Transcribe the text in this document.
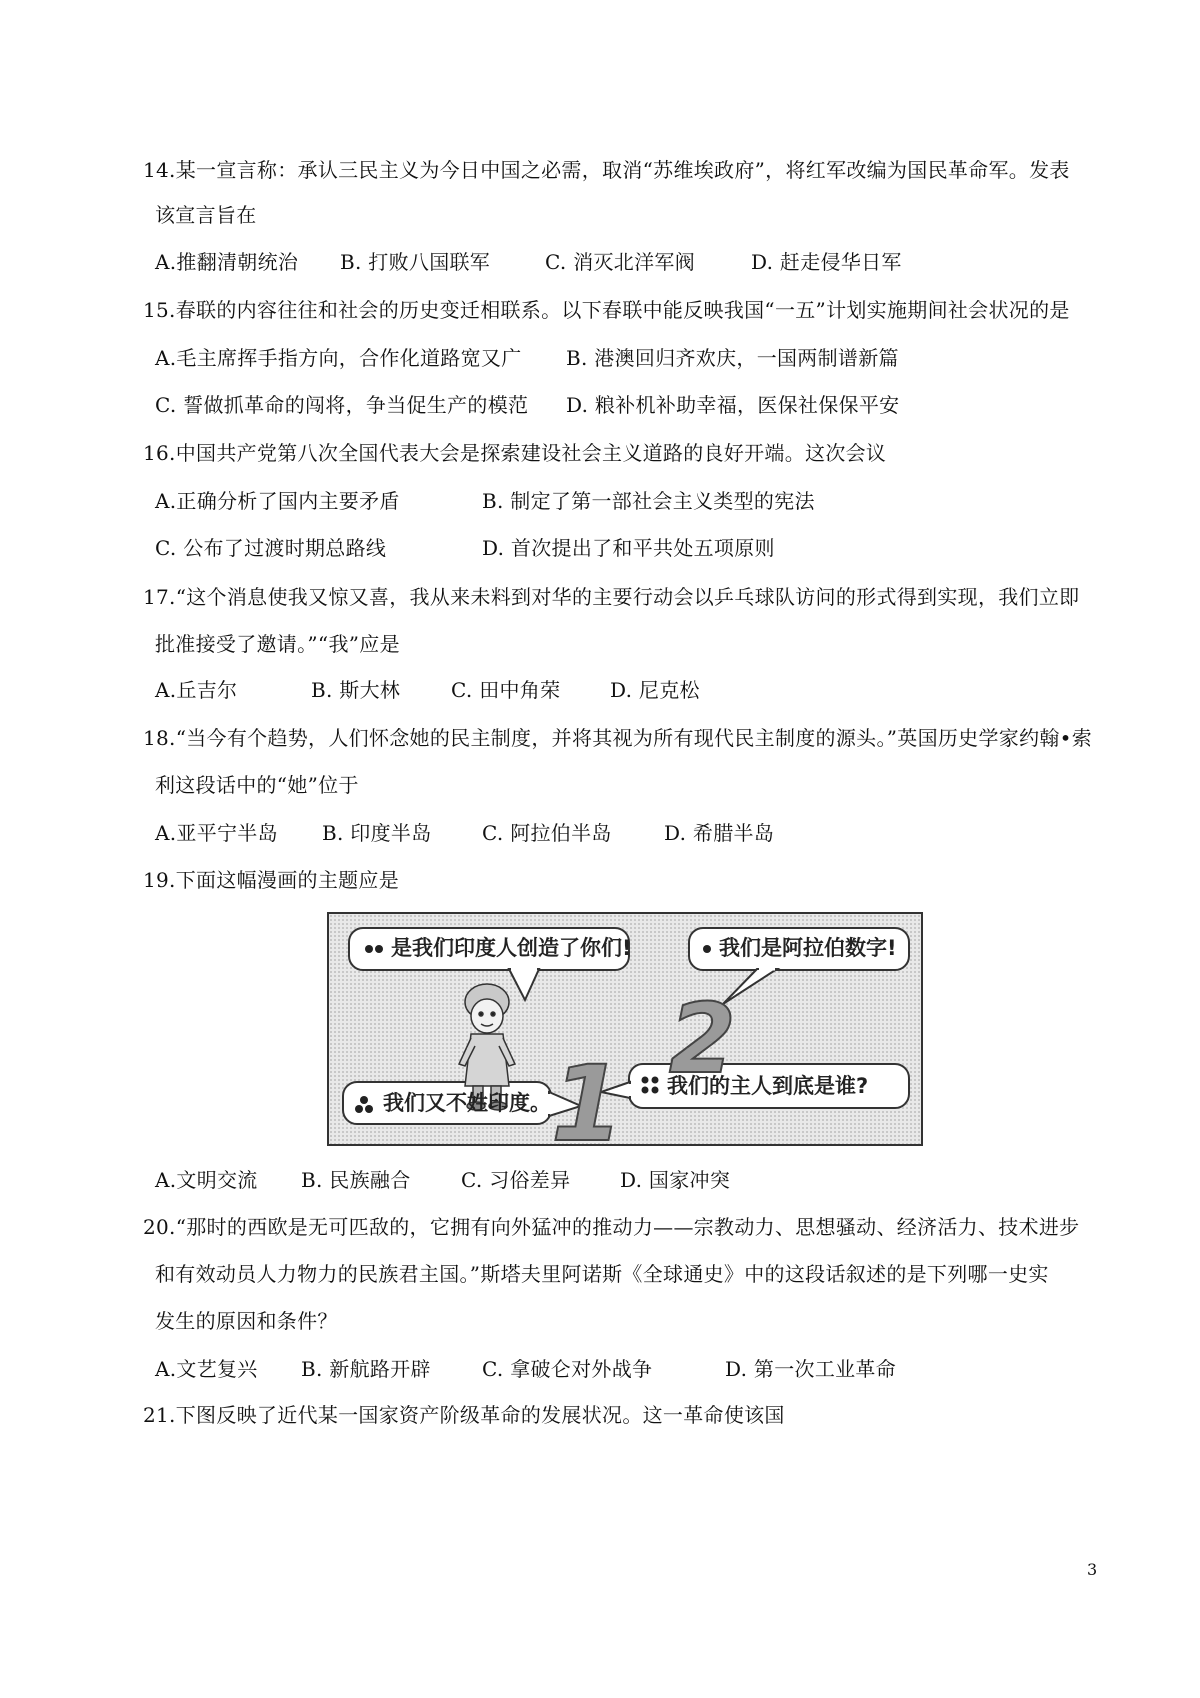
14.某一宣言称：承认三民主义为今日中国之必需，取消“苏维埃政府”，将红军改编为国民革命军。发表
该宣言旨在
A.推翻清朝统治 B. 打败八国联军	C. 消灭北洋军阀	D. 赶走侵华日军
15.春联的内容往往和社会的历史变迁相联系。以下春联中能反映我国“一五”计划实施期间社会状况的是
A.毛主席挥手指方向，合作化道路宽又广 B. 港澳回归齐欢庆，一国两制谱新篇
C. 誓做抓革命的闯将，争当促生产的模范 D. 粮补机补助幸福，医保社保保平安
16.中国共产党第八次全国代表大会是探索建设社会主义道路的良好开端。这次会议
A.正确分析了国内主要矛盾	B. 制定了第一部社会主义类型的宪法
C. 公布了过渡时期总路线	D. 首次提出了和平共处五项原则
17.“这个消息使我又惊又喜，我从来未料到对华的主要行动会以乒乓球队访问的形式得到实现，我们立即
批准接受了邀请。”“我”应是
A.丘吉尔	B. 斯大林	C. 田中角荣 D. 尼克松
18.“当今有个趋势，人们怀念她的民主制度，并将其视为所有现代民主制度的源头。”英国历史学家约翰•索
利这段话中的“她”位于
A.亚平宁半岛 B. 印度半岛	C. 阿拉伯半岛	D. 希腊半岛
19.下面这幅漫画的主题应是
2
1
是我们印度人创造了你们!	我们是阿拉伯数字!
我们又不姓印度。
我们的主人到底是谁?
A.文明交流 B. 民族融合	C. 习俗差异 D. 国家冲突
20.“那时的西欧是无可匹敌的，它拥有向外猛冲的推动力——宗教动力、思想骚动、经济活力、技术进步
和有效动员人力物力的民族君主国。”斯塔夫里阿诺斯《全球通史》中的这段话叙述的是下列哪一史实
发生的原因和条件？
A.文艺复兴 B. 新航路开辟	C. 拿破仑对外战争	D. 第一次工业革命
21.下图反映了近代某一国家资产阶级革命的发展状况。这一革命使该国
3
